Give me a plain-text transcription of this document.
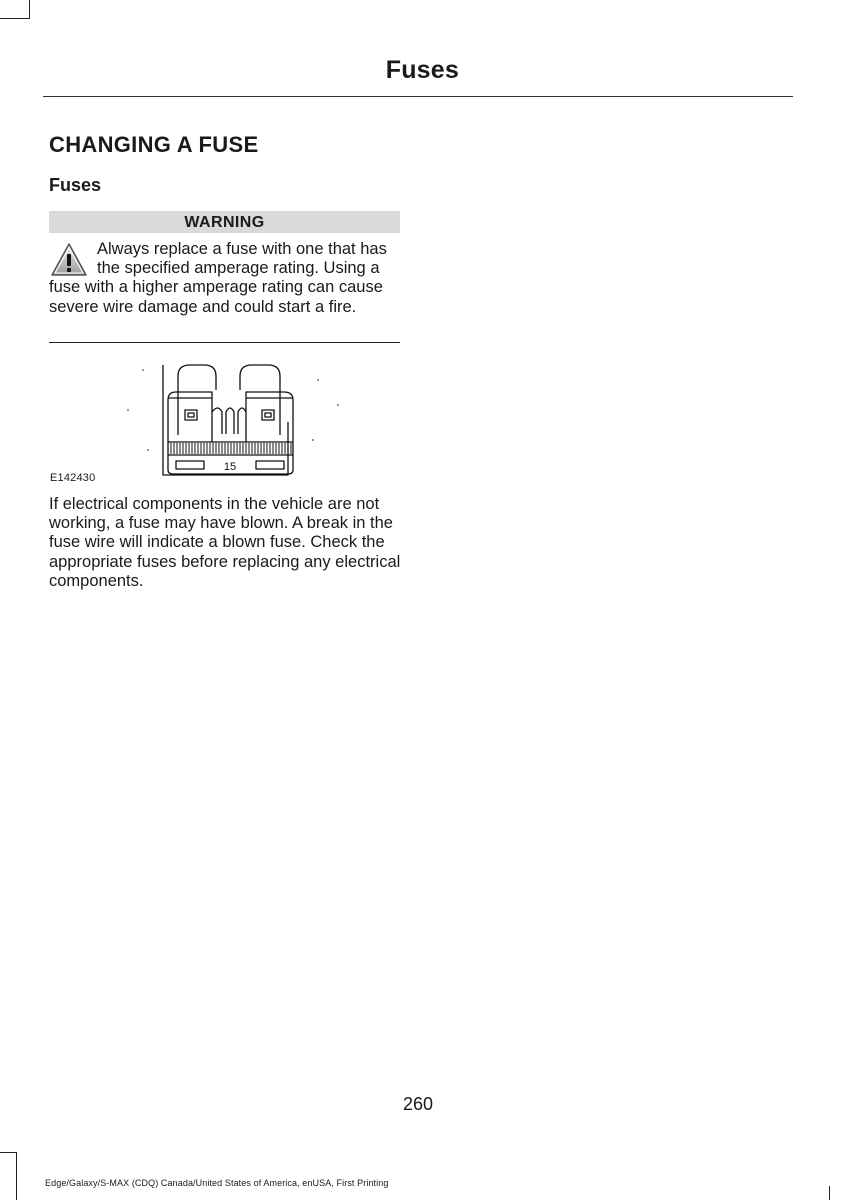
Fuses
CHANGING A FUSE
Fuses
WARNING

Always replace a fuse with one that has the specified amperage rating. Using a fuse with a higher amperage rating can cause severe wire damage and could start a fire.

15

E142430

If electrical components in the vehicle are not working, a fuse may have blown. A break in the fuse wire will indicate a blown fuse. Check the appropriate fuses before replacing any electrical components.

260

Edge/Galaxy/S-MAX (CDQ) Canada/United States of America, enUSA, First Printing
